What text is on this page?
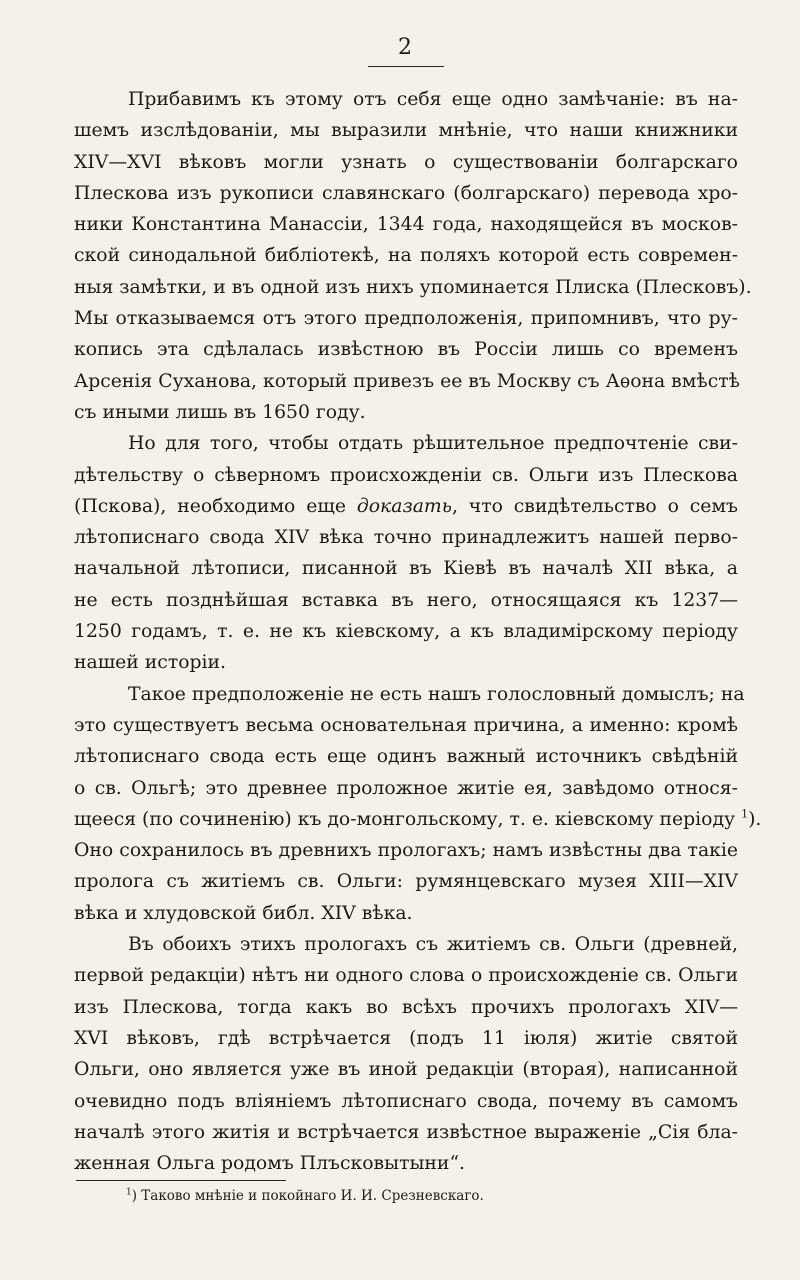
2
Прибавимъ къ этому отъ себя еще одно замѣчаніе: въ на-
шемъ изслѣдованіи, мы выразили мнѣніе, что наши книжники
XIV—XVI вѣковъ могли узнать о существованіи болгарскаго
Плескова изъ рукописи славянскаго (болгарскаго) перевода хро-
ники Константина Манассіи, 1344 года, находящейся въ москов-
ской синодальной библіотекѣ, на поляхъ которой есть современ-
ныя замѣтки, и въ одной изъ нихъ упоминается Плиска (Плесковъ).
Мы отказываемся отъ этого предположенія, припомнивъ, что ру-
копись эта сдѣлалась извѣстною въ Россіи лишь со временъ
Арсенія Суханова, который привезъ ее въ Москву съ Аѳона вмѣстѣ
съ иными лишь въ 1650 году.
Но для того, чтобы отдать рѣшительное предпочтеніе сви-
дѣтельству о сѣверномъ происхожденіи св. Ольги изъ Плескова
(Пскова), необходимо еще доказать, что свидѣтельство о семъ
лѣтописнаго свода XIV вѣка точно принадлежитъ нашей перво-
начальной лѣтописи, писанной въ Кіевѣ въ началѣ XII вѣка, а
не есть позднѣйшая вставка въ него, относящаяся къ 1237—
1250 годамъ, т. е. не къ кіевскому, а къ владимірскому періоду
нашей исторіи.
Такое предположеніе не есть нашъ голословный домыслъ; на
это существуетъ весьма основательная причина, а именно: кромѣ
лѣтописнаго свода есть еще одинъ важный источникъ свѣдѣній
о св. Ольгѣ; это древнее проложное житіе ея, завѣдомо относя-
щееся (по сочиненію) къ до-монгольскому, т. е. кіевскому періоду $^1$).
Оно сохранилось въ древнихъ прологахъ; намъ извѣстны два такіе
пролога съ житіемъ св. Ольги: румянцевскаго музея XIII—XIV
вѣка и хлудовской библ. XIV вѣка.
Въ обоихъ этихъ прологахъ съ житіемъ св. Ольги (древней,
первой редакціи) нѣтъ ни одного слова о происхожденіе св. Ольги
изъ Плескова, тогда какъ во всѣхъ прочихъ прологахъ XIV—
XVI вѣковъ, гдѣ встрѣчается (подъ 11 іюля) житіе святой
Ольги, оно является уже въ иной редакціи (вторая), написанной
очевидно подъ вліяніемъ лѣтописнаго свода, почему въ самомъ
началѣ этого житія и встрѣчается извѣстное выраженіе „Сія бла-
женная Ольга родомъ Плъсковытыни“.
$^1$) Таково мнѣніе и покойнаго И. И. Срезневскаго.
